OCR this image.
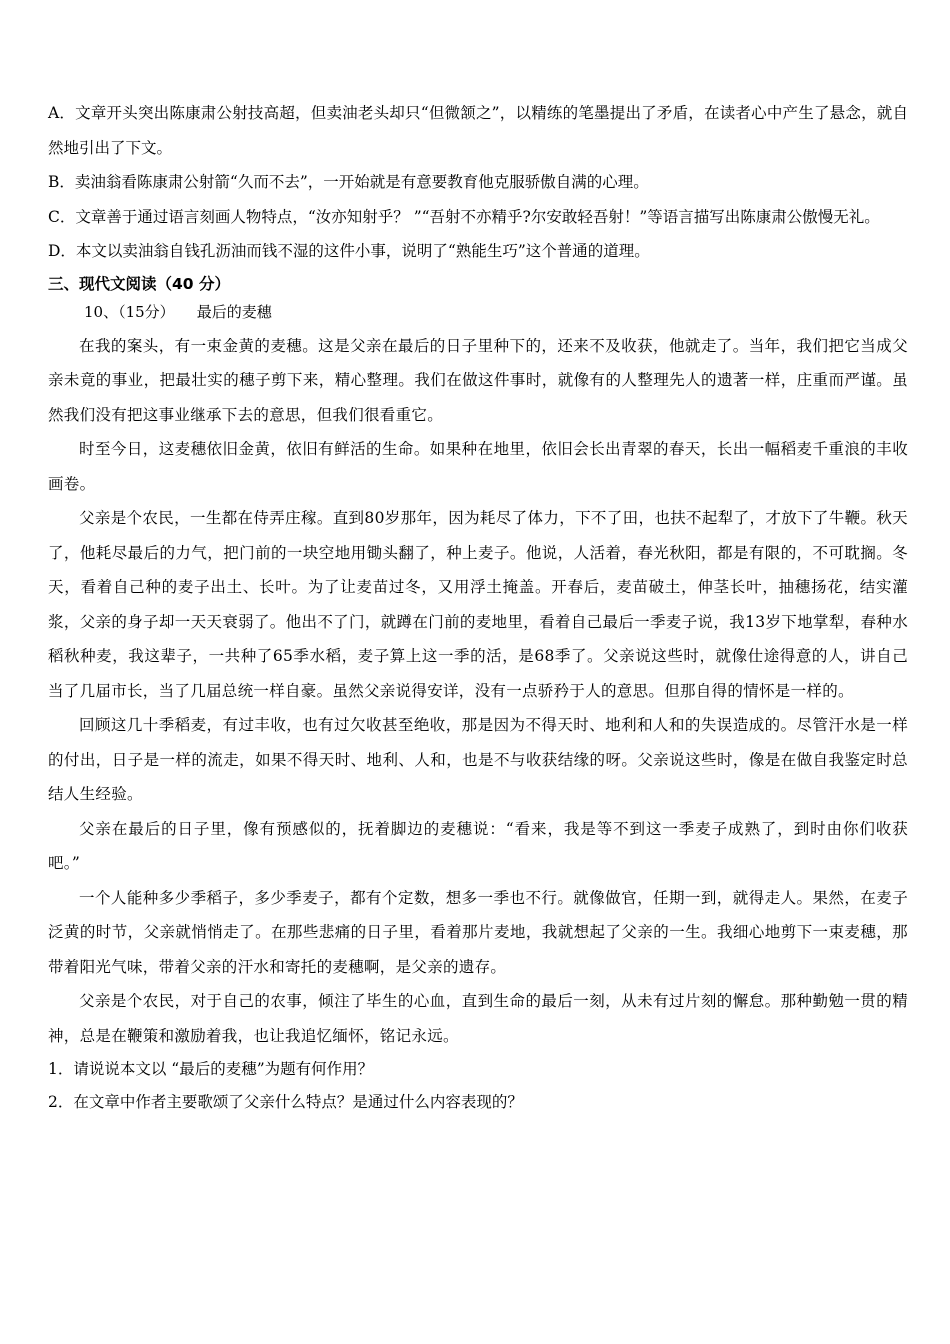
A．文章开头突出陈康肃公射技高超，但卖油老头却只“但微颔之”，以精练的笔墨提出了矛盾，在读者心中产生了悬念，就自然地引出了下文。

B．卖油翁看陈康肃公射箭“久而不去”，一开始就是有意要教育他克服骄傲自满的心理。

C．文章善于通过语言刻画人物特点，“汝亦知射乎？ ”“吾射不亦精乎?尔安敢轻吾射！”等语言描写出陈康肃公傲慢无礼。

D．本文以卖油翁自钱孔沥油而钱不湿的这件小事，说明了“熟能生巧”这个普通的道理。

三、现代文阅读（40 分）

10、（15分） 最后的麦穗

在我的案头，有一束金黄的麦穗。这是父亲在最后的日子里种下的，还来不及收获，他就走了。当年，我们把它当成父亲未竟的事业，把最壮实的穗子剪下来，精心整理。我们在做这件事时，就像有的人整理先人的遗著一样，庄重而严谨。虽然我们没有把这事业继承下去的意思，但我们很看重它。

时至今日，这麦穗依旧金黄，依旧有鲜活的生命。如果种在地里，依旧会长出青翠的春天，长出一幅稻麦千重浪的丰收画卷。

父亲是个农民，一生都在侍弄庄稼。直到80岁那年，因为耗尽了体力，下不了田，也扶不起犁了，才放下了牛鞭。秋天了，他耗尽最后的力气，把门前的一块空地用锄头翻了，种上麦子。他说，人活着，春光秋阳，都是有限的，不可耽搁。冬天，看着自己种的麦子出土、长叶。为了让麦苗过冬，又用浮土掩盖。开春后，麦苗破土，伸茎长叶，抽穗扬花，结实灌浆，父亲的身子却一天天衰弱了。他出不了门，就蹲在门前的麦地里，看着自己最后一季麦子说，我13岁下地掌犁，春种水稻秋种麦，我这辈子，一共种了65季水稻，麦子算上这一季的活，是68季了。父亲说这些时，就像仕途得意的人，讲自己当了几届市长，当了几届总统一样自豪。虽然父亲说得安详，没有一点骄矜于人的意思。但那自得的情怀是一样的。

回顾这几十季稻麦，有过丰收，也有过欠收甚至绝收，那是因为不得天时、地利和人和的失误造成的。尽管汗水是一样的付出，日子是一样的流走，如果不得天时、地利、人和，也是不与收获结缘的呀。父亲说这些时，像是在做自我鉴定时总结人生经验。

父亲在最后的日子里，像有预感似的，抚着脚边的麦穗说：“看来，我是等不到这一季麦子成熟了，到时由你们收获吧。”

一个人能种多少季稻子，多少季麦子，都有个定数，想多一季也不行。就像做官，任期一到，就得走人。果然，在麦子泛黄的时节，父亲就悄悄走了。在那些悲痛的日子里，看着那片麦地，我就想起了父亲的一生。我细心地剪下一束麦穗，那带着阳光气味，带着父亲的汗水和寄托的麦穗啊，是父亲的遗存。

父亲是个农民，对于自己的农事，倾注了毕生的心血，直到生命的最后一刻，从未有过片刻的懈怠。那种勤勉一贯的精神，总是在鞭策和激励着我，也让我追忆缅怀，铭记永远。

1．请说说本文以 “最后的麦穗”为题有何作用？

2．在文章中作者主要歌颂了父亲什么特点？是通过什么内容表现的？
